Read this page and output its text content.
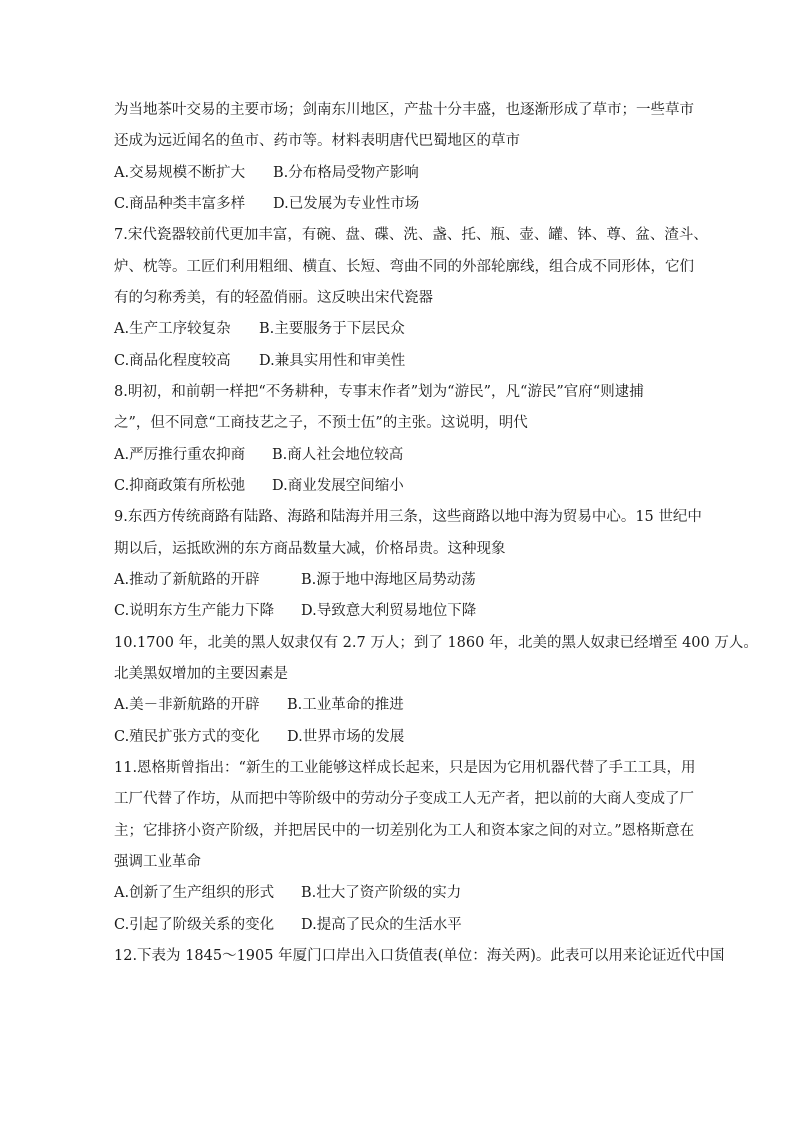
为当地茶叶交易的主要市场；剑南东川地区，产盐十分丰盛，也逐渐形成了草市；一些草市
还成为远近闻名的鱼市、药市等。材料表明唐代巴蜀地区的草市
A.交易规模不断扩大 B.分布格局受物产影响
C.商品种类丰富多样 D.已发展为专业性市场
7.宋代瓷器较前代更加丰富，有碗、盘、碟、洗、盏、托、瓶、壶、罐、钵、尊、盆、渣斗、
炉、枕等。工匠们利用粗细、横直、长短、弯曲不同的外部轮廓线，组合成不同形体，它们
有的匀称秀美，有的轻盈俏丽。这反映出宋代瓷器
A.生产工序较复杂 B.主要服务于下层民众
C.商品化程度较高 D.兼具实用性和审美性
8.明初，和前朝一样把“不务耕种，专事末作者”划为“游民”，凡“游民”官府“则逮捕
之”，但不同意“工商技艺之子，不预士伍”的主张。这说明，明代
A.严厉推行重农抑商 B.商人社会地位较高
C.抑商政策有所松弛 D.商业发展空间缩小
9.东西方传统商路有陆路、海路和陆海并用三条，这些商路以地中海为贸易中心。15 世纪中
期以后，运抵欧洲的东方商品数量大减，价格昂贵。这种现象
A.推动了新航路的开辟	B.源于地中海地区局势动荡
C.说明东方生产能力下降 D.导致意大利贸易地位下降
10.1700 年，北美的黑人奴隶仅有 2.7 万人；到了 1860 年，北美的黑人奴隶已经增至 400 万人。
北美黑奴增加的主要因素是
A.美－非新航路的开辟 B.工业革命的推进
C.殖民扩张方式的变化 D.世界市场的发展
11.恩格斯曾指出：“新生的工业能够这样成长起来，只是因为它用机器代替了手工工具，用
工厂代替了作坊，从而把中等阶级中的劳动分子变成工人无产者，把以前的大商人变成了厂
主；它排挤小资产阶级，并把居民中的一切差别化为工人和资本家之间的对立。”恩格斯意在
强调工业革命
A.创新了生产组织的形式 B.壮大了资产阶级的实力
C.引起了阶级关系的变化 D.提高了民众的生活水平
12.下表为 1845～1905 年厦门口岸出入口货值表(单位：海关两)。此表可以用来论证近代中国
